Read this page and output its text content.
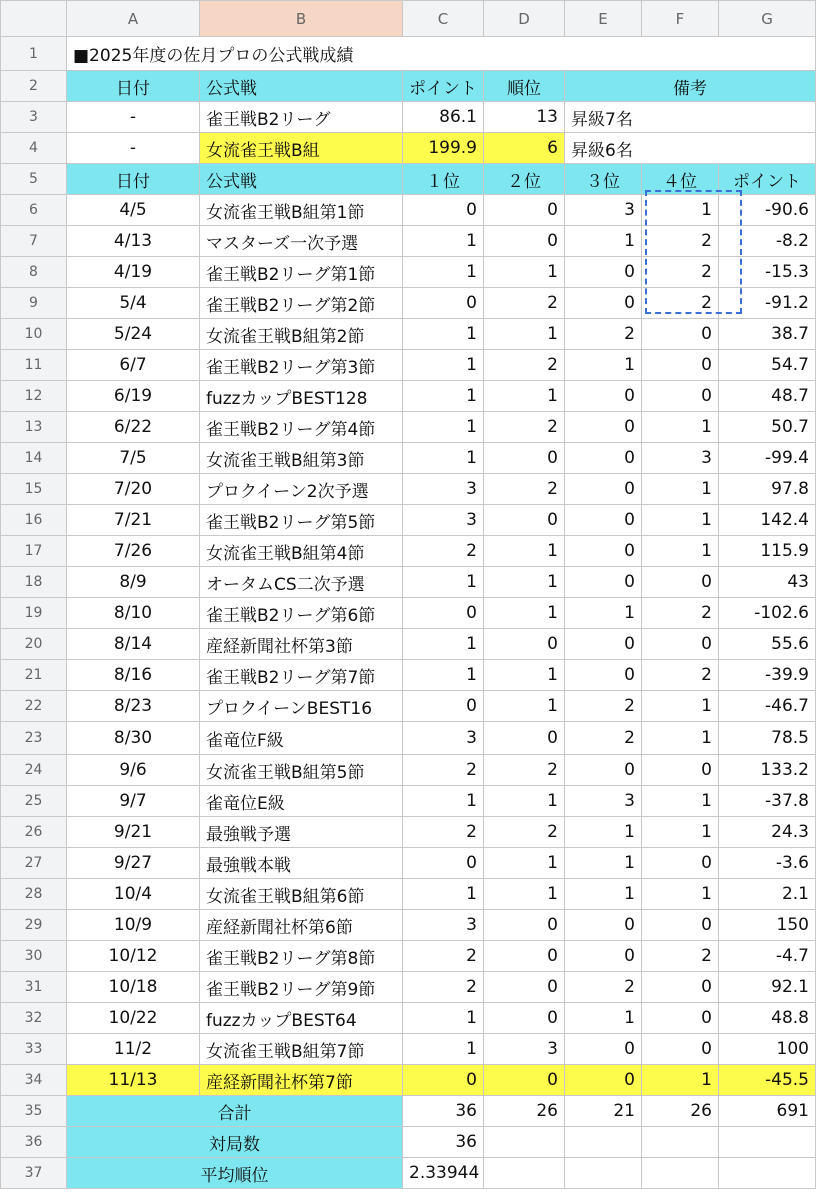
	A	B	C	D	E	F	G
1	■2025年度の佐月プロの公式戦成績						
2	日付	公式戦	ポイント	順位	備考		
3	-	雀王戦B2リーグ	86.1	13	昇級7名		
4	-	女流雀王戦B組	199.9	6	昇級6名		
5	日付	公式戦	１位	２位	３位	４位	ポイント
6	4/5	女流雀王戦B組第1節	0	0	3	1	-90.6
7	4/13	マスターズ一次予選	1	0	1	2	-8.2
8	4/19	雀王戦B2リーグ第1節	1	1	0	2	-15.3
9	5/4	雀王戦B2リーグ第2節	0	2	0	2	-91.2
10	5/24	女流雀王戦B組第2節	1	1	2	0	38.7
11	6/7	雀王戦B2リーグ第3節	1	2	1	0	54.7
12	6/19	fuzzカップBEST128	1	1	0	0	48.7
13	6/22	雀王戦B2リーグ第4節	1	2	0	1	50.7
14	7/5	女流雀王戦B組第3節	1	0	0	3	-99.4
15	7/20	プロクイーン2次予選	3	2	0	1	97.8
16	7/21	雀王戦B2リーグ第5節	3	0	0	1	142.4
17	7/26	女流雀王戦B組第4節	2	1	0	1	115.9
18	8/9	オータムCS二次予選	1	1	0	0	43
19	8/10	雀王戦B2リーグ第6節	0	1	1	2	-102.6
20	8/14	産経新聞社杯第3節	1	0	0	0	55.6
21	8/16	雀王戦B2リーグ第7節	1	1	0	2	-39.9
22	8/23	プロクイーンBEST16	0	1	2	1	-46.7
23	8/30	雀竜位F級	3	0	2	1	78.5
24	9/6	女流雀王戦B組第5節	2	2	0	0	133.2
25	9/7	雀竜位E級	1	1	3	1	-37.8
26	9/21	最強戦予選	2	2	1	1	24.3
27	9/27	最強戦本戦	0	1	1	0	-3.6
28	10/4	女流雀王戦B組第6節	1	1	1	1	2.1
29	10/9	産経新聞社杯第6節	3	0	0	0	150
30	10/12	雀王戦B2リーグ第8節	2	0	0	2	-4.7
31	10/18	雀王戦B2リーグ第9節	2	0	2	0	92.1
32	10/22	fuzzカップBEST64	1	0	1	0	48.8
33	11/2	女流雀王戦B組第7節	1	3	0	0	100
34	11/13	産経新聞社杯第7節	0	0	0	1	-45.5
35	合計		36	26	21	26	691
36	対局数		36				
37	平均順位		2.33944				
